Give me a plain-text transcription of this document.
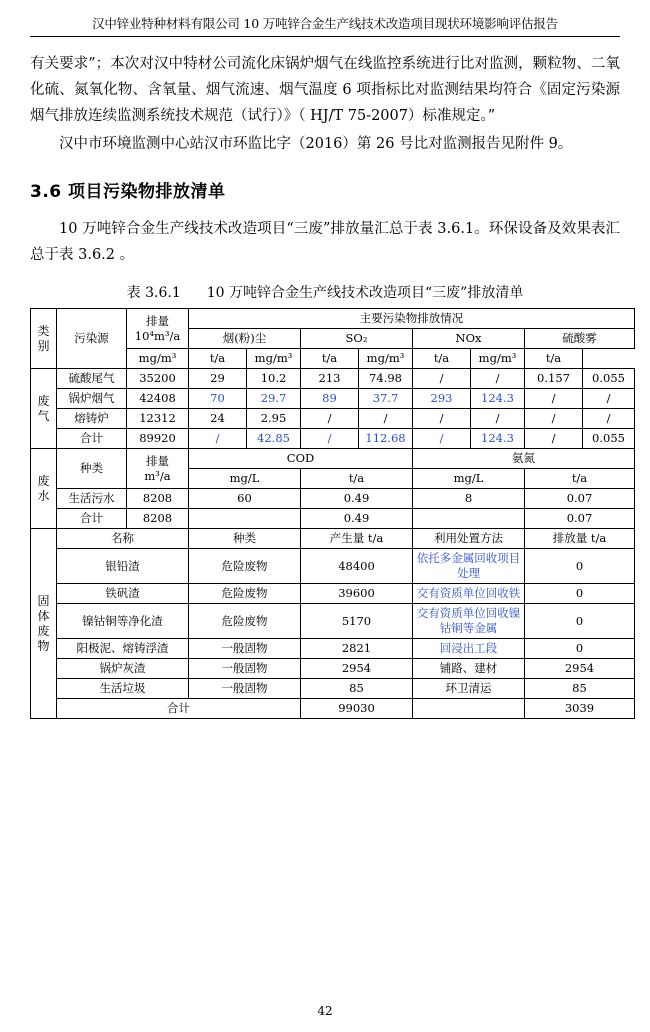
汉中锌业特种材料有限公司 10 万吨锌合金生产线技术改造项目现状环境影响评估报告

有关要求”；本次对汉中特材公司流化床锅炉烟气在线监控系统进行比对监测，颗粒物、二氧化硫、氮氧化物、含氧量、烟气流速、烟气温度 6 项指标比对监测结果均符合《固定污染源烟气排放连续监测系统技术规范（试行）》（ HJ/T 75-2007）标准规定。”

汉中市环境监测中心站汉市环监比字（2016）第 26 号比对监测报告见附件 9。

3.6 项目污染物排放清单

10 万吨锌合金生产线技术改造项目“三废”排放量汇总于表 3.6.1。环保设备及效果表汇总于表 3.6.2 。

表 3.6.1 10 万吨锌合金生产线技术改造项目“三废”排放清单
类别	污染源	排量
10⁴m³/a	主要污染物排放情况							
			烟(粉)尘		SO₂		NOx		硫酸雾	
		mg/m³	t/a	mg/m³	t/a	mg/m³	t/a	mg/m³	t/a	

废气	硫酸尾气	35200	29	10.2	213	74.98	/	/	0.157	0.055
	锅炉烟气	42408	70	29.7	89	37.7	293	124.3	/	/
	熔铸炉	12312	24	2.95	/	/	/	/	/	/
	合计	89920	/	42.85	/	112.68	/	124.3	/	0.055

废水	种类	排量
m³/a	COD				氨氮			
			mg/L		t/a		mg/L		t/a	
	生活污水	8208	60		0.49		8		0.07	
	合计	8208			0.49				0.07	

固体废物	名称		种类		产生量 t/a		利用处置方法		排放量 t/a	
	银铅渣		危险废物		48400		依托多金属回收项目处理		0	
	铁矾渣		危险废物		39600		交有资质单位回收铁		0	
	镍钴铜等净化渣		危险废物		5170		交有资质单位回收镍钴铜等金属		0	
	阳极泥、熔铸浮渣		一般固物		2821		回浸出工段		0	
	锅炉灰渣		一般固物		2954		铺路、建材		2954	
	生活垃圾		一般固物		85		环卫清运		85	
	合计				99030				3039	
42
